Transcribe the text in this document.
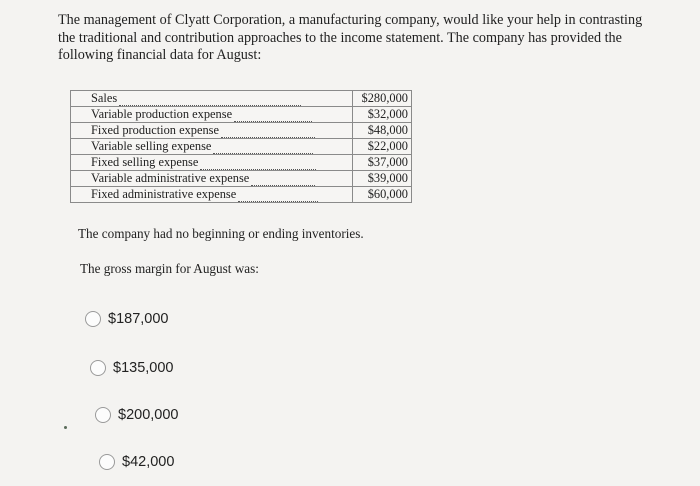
The management of Clyatt Corporation, a manufacturing company, would like your help in contrasting the traditional and contribution approaches to the income statement. The company has provided the following financial data for August:
Sales	$280,000
Variable production expense	$32,000
Fixed production expense	$48,000
Variable selling expense	$22,000
Fixed selling expense	$37,000
Variable administrative expense	$39,000
Fixed administrative expense	$60,000
The company had no beginning or ending inventories.
The gross margin for August was:
$187,000
$135,000
$200,000
$42,000
